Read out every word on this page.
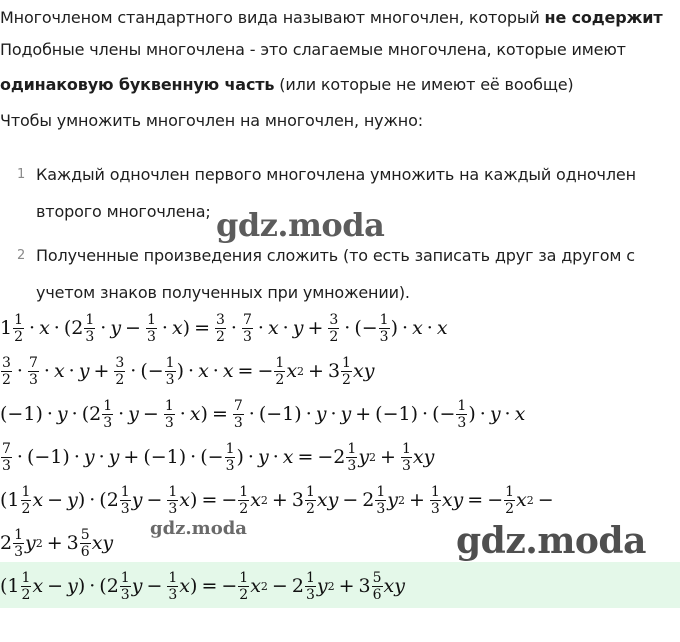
Многочленом стандартного вида называют многочлен, который не содержит
Подобные члены многочлена - это слагаемые многочлена, которые имеют
одинаковую буквенную часть (или которые не имеют её вообще)
Чтобы умножить многочлен на многочлен, нужно:
1 Каждый одночлен первого многочлена умножить на каждый одночлен
второго многочлена;
2 Полученные произведения сложить (то есть записать друг за другом с
учетом знаков полученных при умножении).
$1 \frac{1}{2} \cdot x$ · ( $2 \frac{1}{3} \cdot y - \frac{1}{3} \cdot x$ ) = $\frac{3}{2} \cdot \frac{7}{3} \cdot x \cdot y + \frac{3}{2}$ · ( − $\frac{1}{3}$ ) · x · x
$\frac{3}{2} \cdot \frac{7}{3} \cdot x \cdot y + \frac{3}{2}$ · ( − $\frac{1}{3}$ ) · x · x = − $\frac{1}{2}$ x $2 + 3 \frac{1}{2}$ x y
( −1 ) · y · ( $2 \frac{1}{3} \cdot y - \frac{1}{3} \cdot x$ ) = $\frac{7}{3}$ · ( −1 ) · y · y + ( −1 ) · ( − $\frac{1}{3}$ ) · y · x
$\frac{7}{3}$ · ( −1 ) · y · y + ( −1 ) · ( − $\frac{1}{3}$ ) · y · x = − $2 \frac{1}{3}$ y $2 + \frac{1}{3}$ x y
( $1 \frac{1}{2}$ x − y ) · ( $2 \frac{1}{3}$ $y - \frac{1}{3}$ x ) = − $\frac{1}{2}$ x $2 + 3 \frac{1}{2}$ x $y - 2 \frac{1}{3}$ y $2 + \frac{1}{3}$ x y = − $\frac{1}{2}$ x 2 −
$2 \frac{1}{3}$ y $2 + 3 \frac{5}{6}$ x y
( $1 \frac{1}{2}$ x − y ) · ( $2 \frac{1}{3}$ $y - \frac{1}{3}$ x ) = − $\frac{1}{2}$ x $2 - 2 \frac{1}{3}$ y $2 + 3 \frac{5}{6}$ x y
gdz.moda
gdz.moda	gdz.moda
